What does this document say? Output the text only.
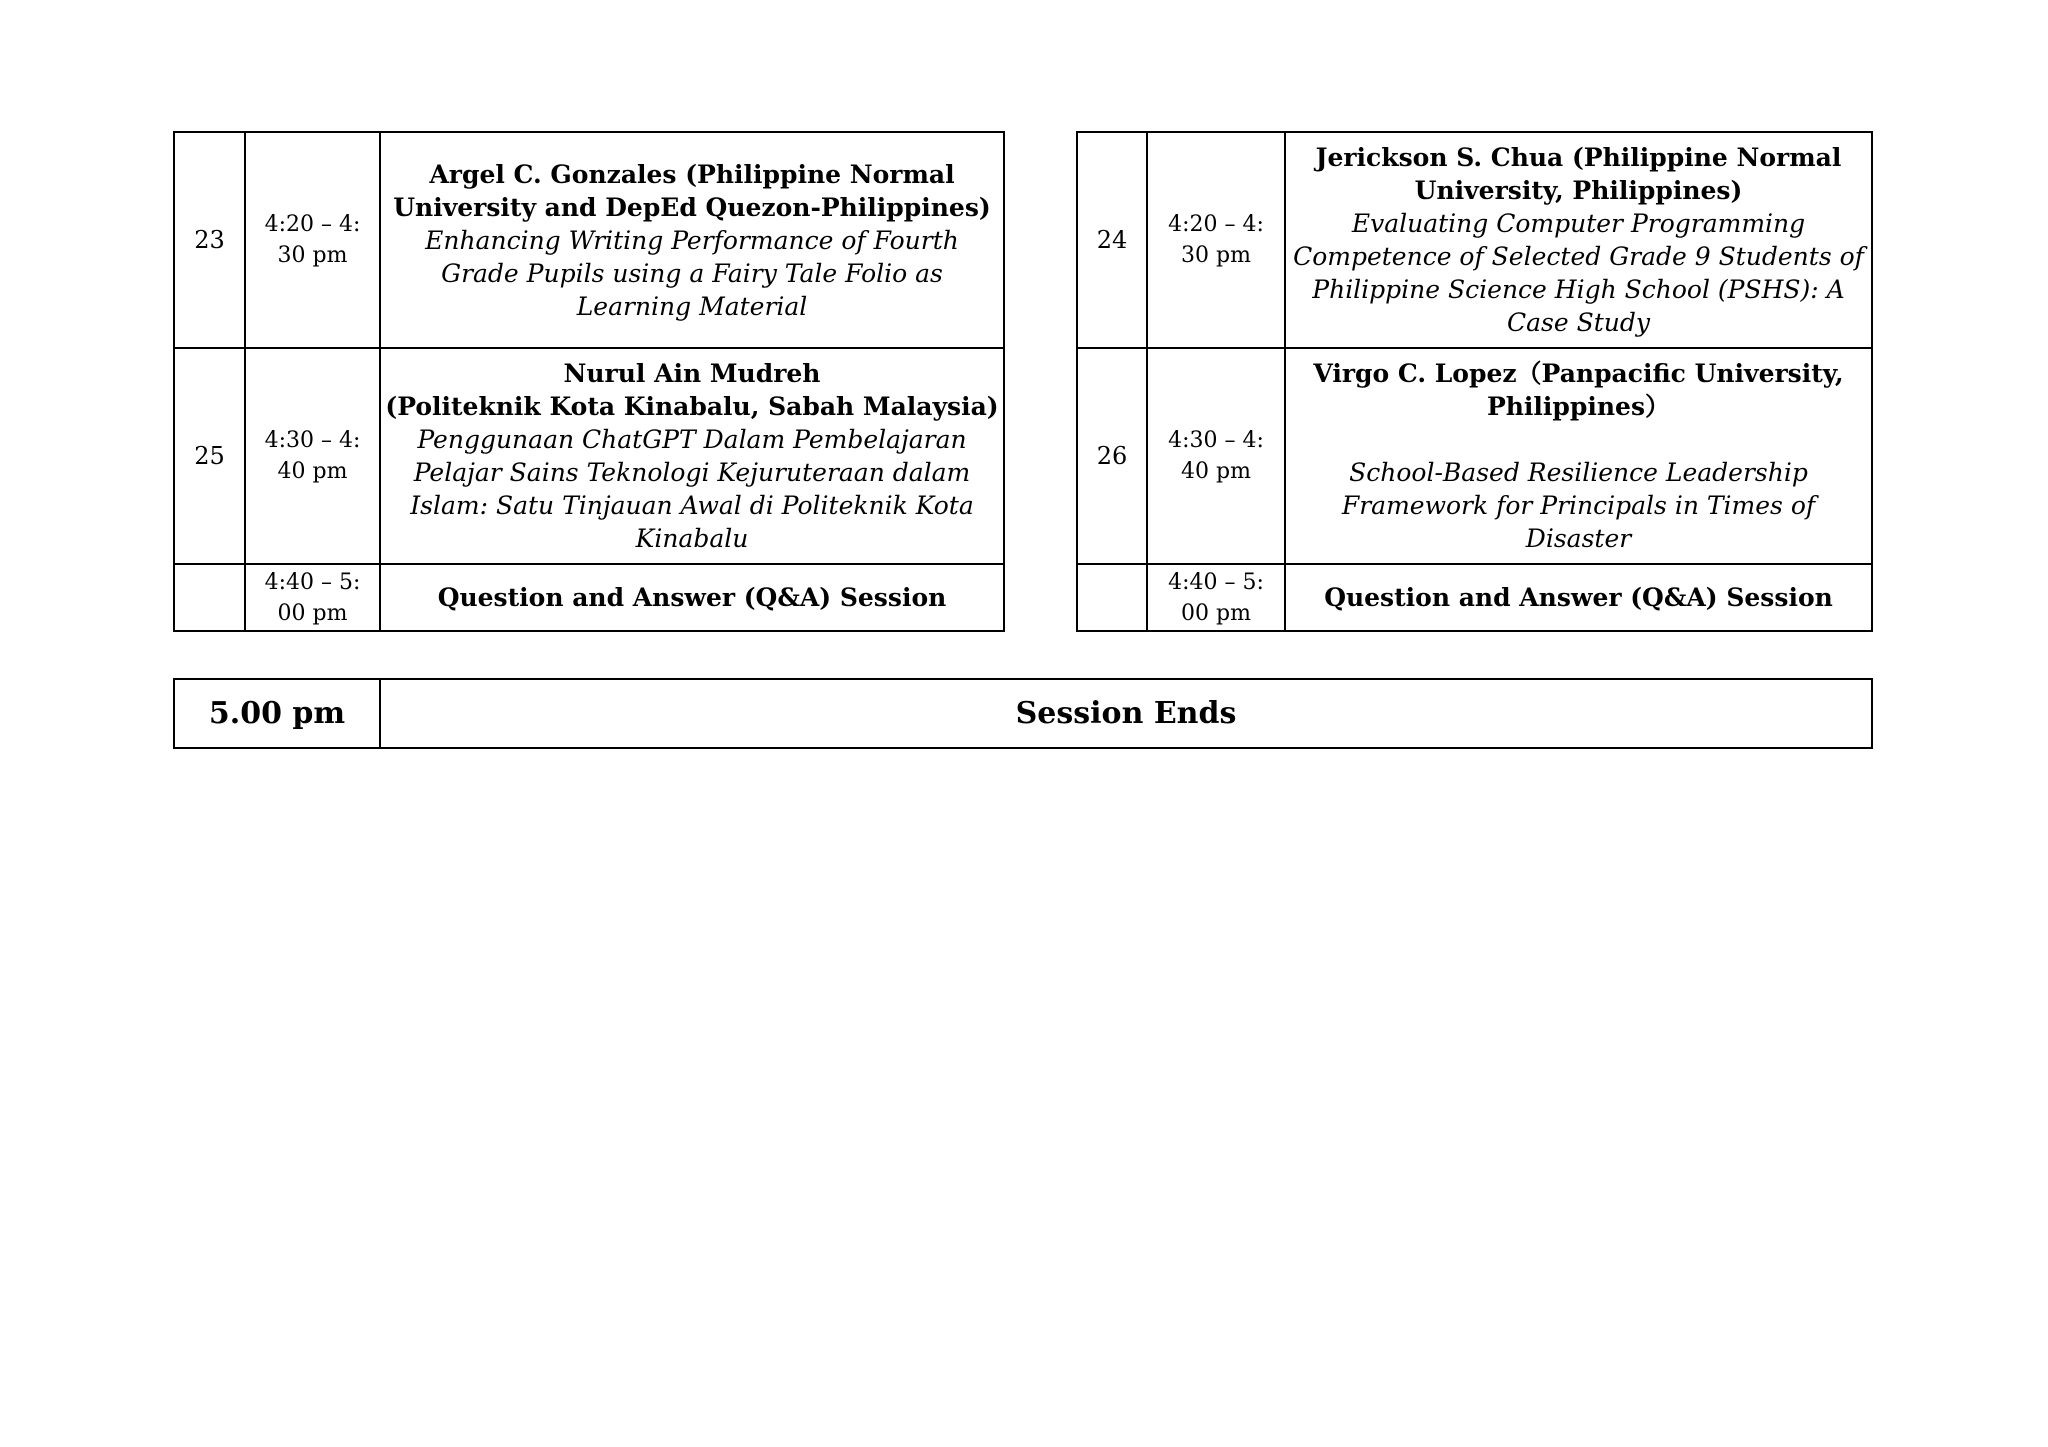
23	4:20 – 4: 30 pm	Argel C. Gonzales (Philippine Normal University and DepEd Quezon-Philippines)
Enhancing Writing Performance of Fourth Grade Pupils using a Fairy Tale Folio as Learning Material

25	4:30 – 4: 40 pm	Nurul Ain Mudreh
(Politeknik Kota Kinabalu, Sabah Malaysia)
Penggunaan ChatGPT Dalam Pembelajaran Pelajar Sains Teknologi Kejuruteraan dalam Islam: Satu Tinjauan Awal di Politeknik Kota Kinabalu

	4:40 – 5: 00 pm	Question and Answer (Q&A) Session
24	4:20 – 4: 30 pm	Jerickson S. Chua (Philippine Normal University, Philippines)
Evaluating Computer Programming Competence of Selected Grade 9 Students of Philippine Science High School (PSHS): A Case Study

26	4:30 – 4: 40 pm	Virgo C. Lopez（Panpacific University, Philippines）
School-Based Resilience Leadership Framework for Principals in Times of Disaster

	4:40 – 5: 00 pm	Question and Answer (Q&A) Session
5.00 pm	Session Ends
